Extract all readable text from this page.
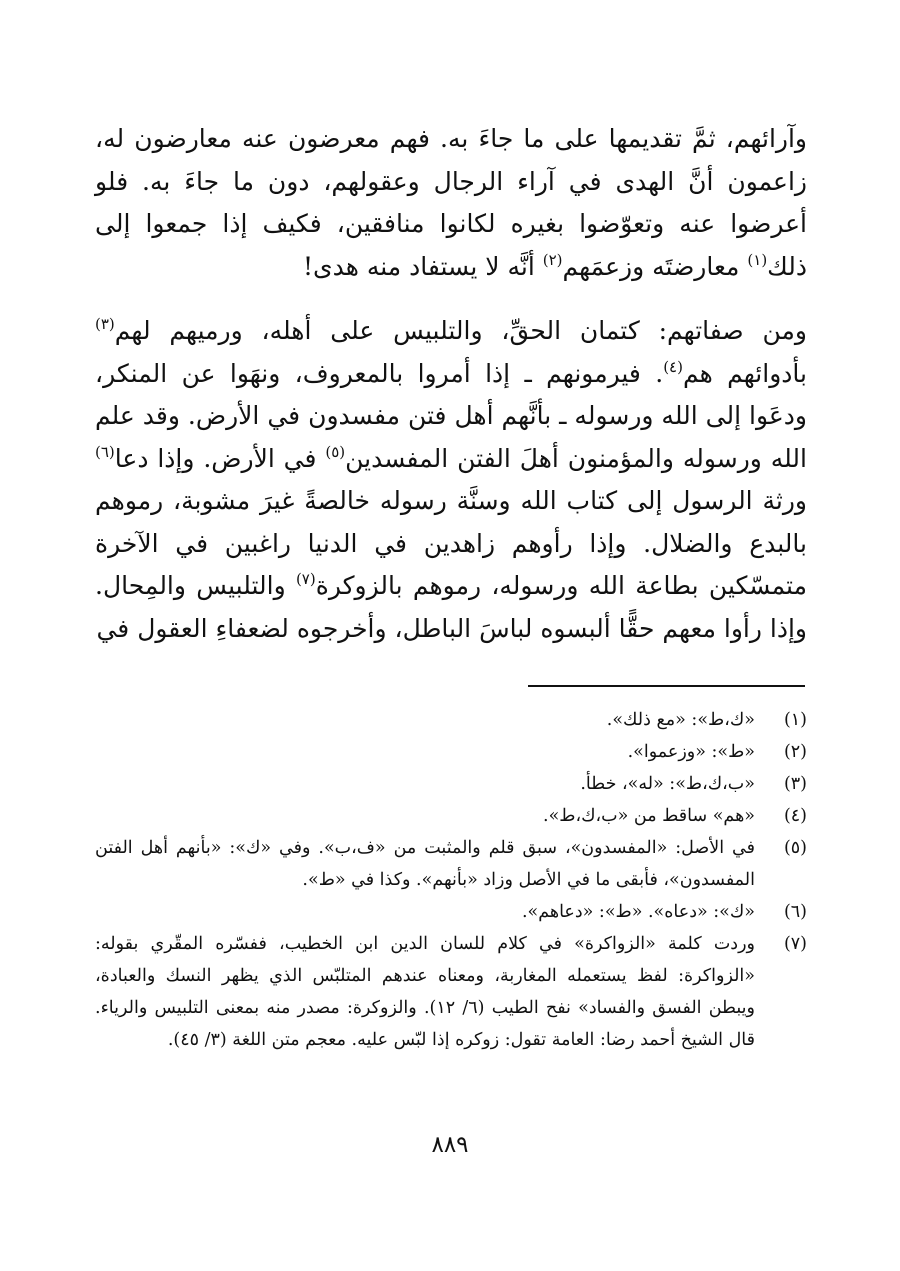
وآرائهم، ثمَّ تقديمها على ما جاءَ به. فهم معرضون عنه معارضون له، زاعمون أنَّ الهدى في آراء الرجال وعقولهم، دون ما جاءَ به. فلو أعرضوا عنه وتعوّضوا بغيره لكانوا منافقين، فكيف إذا جمعوا إلى ذلك$^{(١)}$ معارضتَه وزعمَهم$^{(٢)}$ أنَّه لا يستفاد منه هدى!

ومن صفاتهم: كتمان الحقِّ، والتلبيس على أهله، ورميهم لهم$^{(٣)}$ بأدوائهم هم$^{(٤)}$. فيرمونهم ـ إذا أمروا بالمعروف، ونهَوا عن المنكر، ودعَوا إلى الله ورسوله ـ بأنَّهم أهل فتن مفسدون في الأرض. وقد علم الله ورسوله والمؤمنون أهلَ الفتن المفسدين$^{(٥)}$ في الأرض. وإذا دعا$^{(٦)}$ ورثة الرسول إلى كتاب الله وسنَّة رسوله خالصةً غيرَ مشوبة، رموهم بالبدع والضلال. وإذا رأوهم زاهدين في الدنيا راغبين في الآخرة متمسّكين بطاعة الله ورسوله، رموهم بالزوكرة$^{(٧)}$ والتلبيس والمِحال. وإذا رأوا معهم حقًّا ألبسوه لباسَ الباطل، وأخرجوه لضعفاءِ العقول في

(١)
«ك،ط»: «مع ذلك».
(٢)
«ط»: «وزعموا».
(٣)
«ب،ك،ط»: «له»، خطأ.
(٤)
«هم» ساقط من «ب،ك،ط».
(٥)
في الأصل: «المفسدون»، سبق قلم والمثبت من «ف،ب». وفي «ك»: «بأنهم أهل الفتن المفسدون»، فأبقى ما في الأصل وزاد «بأنهم». وكذا في «ط».
(٦)
«ك»: «دعاه». «ط»: «دعاهم».
(٧)
وردت كلمة «الزواكرة» في كلام للسان الدين ابن الخطيب، ففسّره المقّري بقوله: «الزواكرة: لفظ يستعمله المغاربة، ومعناه عندهم المتلبّس الذي يظهر النسك والعبادة، ويبطن الفسق والفساد» نفح الطيب (٦/ ١٢). والزوكرة: مصدر منه بمعنى التلبيس والرياء. قال الشيخ أحمد رضا: العامة تقول: زوكره إذا لبّس عليه. معجم متن اللغة (٣/ ٤٥).
٨٨٩
